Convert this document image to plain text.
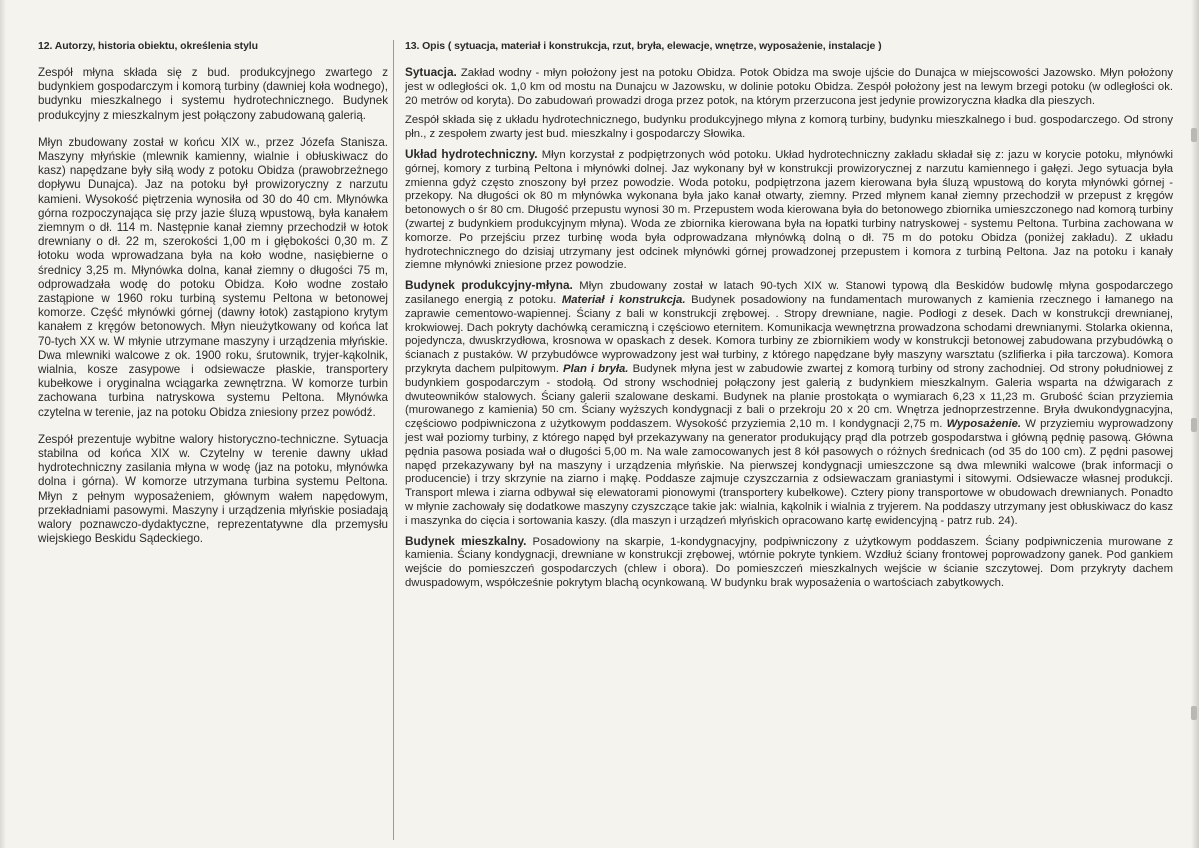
12. Autorzy, historia obiektu, określenia stylu

Zespół młyna składa się z bud. produkcyjnego zwartego z budynkiem gospodarczym i komorą turbiny (dawniej koła wodnego), budynku mieszkalnego i systemu hydrotechnicznego. Budynek produkcyjny z mieszkalnym jest połączony zabudowaną galerią.

Młyn zbudowany został w końcu XIX w., przez Józefa Stanisza. Maszyny młyńskie (mlewnik kamienny, wialnie i obłuskiwacz do kasz) napędzane były siłą wody z potoku Obidza (prawobrzeżnego dopływu Dunajca). Jaz na potoku był prowizoryczny z narzutu kamieni. Wysokość piętrzenia wynosiła od 30 do 40 cm. Młynówka górna rozpoczynająca się przy jazie śluzą wpustową, była kanałem ziemnym o dł. 114 m. Następnie kanał ziemny przechodził w łotok drewniany o dł. 22 m, szerokości 1,00 m i głębokości 0,30 m. Z łotoku woda wprowadzana była na koło wodne, nasiębierne o średnicy 3,25 m. Młynówka dolna, kanał ziemny o długości 75 m, odprowadzała wodę do potoku Obidza. Koło wodne zostało zastąpione w 1960 roku turbiną systemu Peltona w betonowej komorze. Część młynówki górnej (dawny łotok) zastąpiono krytym kanałem z kręgów betonowych. Młyn nieużytkowany od końca lat 70-tych XX w. W młynie utrzymane maszyny i urządzenia młyńskie. Dwa mlewniki walcowe z ok. 1900 roku, śrutownik, tryjer-kąkolnik, wialnia, kosze zasypowe i odsiewacze płaskie, transportery kubełkowe i oryginalna wciągarka zewnętrzna. W komorze turbin zachowana turbina natryskowa systemu Peltona. Młynówka czytelna w terenie, jaz na potoku Obidza zniesiony przez powódź.

Zespół prezentuje wybitne walory historyczno-techniczne. Sytuacja stabilna od końca XIX w. Czytelny w terenie dawny układ hydrotechniczny zasilania młyna w wodę (jaz na potoku, młynówka dolna i górna). W komorze utrzymana turbina systemu Peltona. Młyn z pełnym wyposażeniem, głównym wałem napędowym, przekładniami pasowymi. Maszyny i urządzenia młyńskie posiadają walory poznawczo-dydaktyczne, reprezentatywne dla przemysłu wiejskiego Beskidu Sądeckiego.

13. Opis ( sytuacja, materiał i konstrukcja, rzut, bryła, elewacje, wnętrze, wyposażenie, instalacje )

Sytuacja. Zakład wodny - młyn położony jest na potoku Obidza. Potok Obidza ma swoje ujście do Dunajca w miejscowości Jazowsko. Młyn położony jest w odległości ok. 1,0 km od mostu na Dunajcu w Jazowsku, w dolinie potoku Obidza. Zespół położony jest na lewym brzegi potoku (w odległości ok. 20 metrów od koryta). Do zabudowań prowadzi droga przez potok, na którym przerzucona jest jedynie prowizoryczna kładka dla pieszych.

Zespół składa się z układu hydrotechnicznego, budynku produkcyjnego młyna z komorą turbiny, budynku mieszkalnego i bud. gospodarczego. Od strony płn., z zespołem zwarty jest bud. mieszkalny i gospodarczy Słowika.

Układ hydrotechniczny. Młyn korzystał z podpiętrzonych wód potoku. Układ hydrotechniczny zakładu składał się z: jazu w korycie potoku, młynówki górnej, komory z turbiną Peltona i młynówki dolnej. Jaz wykonany był w konstrukcji prowizorycznej z narzutu kamiennego i gałęzi. Jego sytuacja była zmienna gdyż często znoszony był przez powodzie. Woda potoku, podpiętrzona jazem kierowana była śluzą wpustową do koryta młynówki górnej - przekopy. Na długości ok 80 m młynówka wykonana była jako kanał otwarty, ziemny. Przed młynem kanał ziemny przechodził w przepust z kręgów betonowych o śr 80 cm. Długość przepustu wynosi 30 m. Przepustem woda kierowana była do betonowego zbiornika umieszczonego nad komorą turbiny (zwartej z budynkiem produkcyjnym młyna). Woda ze zbiornika kierowana była na łopatki turbiny natryskowej - systemu Peltona. Turbina zachowana w komorze. Po przejściu przez turbinę woda była odprowadzana młynówką dolną o dł. 75 m do potoku Obidza (poniżej zakładu). Z układu hydrotechnicznego do dzisiaj utrzymany jest odcinek młynówki górnej prowadzonej przepustem i komora z turbiną Peltona. Jaz na potoku i kanały ziemne młynówki zniesione przez powodzie.

Budynek produkcyjny-młyna. Młyn zbudowany został w latach 90-tych XIX w. Stanowi typową dla Beskidów budowlę młyna gospodarczego zasilanego energią z potoku. Materiał i konstrukcja. Budynek posadowiony na fundamentach murowanych z kamienia rzecznego i łamanego na zaprawie cementowo-wapiennej. Ściany z bali w konstrukcji zrębowej. . Stropy drewniane, nagie. Podłogi z desek. Dach w konstrukcji drewnianej, krokwiowej. Dach pokryty dachówką ceramiczną i częściowo eternitem. Komunikacja wewnętrzna prowadzona schodami drewnianymi. Stolarka okienna, pojedyncza, dwuskrzydłowa, krosnowa w opaskach z desek. Komora turbiny ze zbiornikiem wody w konstrukcji betonowej zabudowana przybudówką o ścianach z pustaków. W przybudówce wyprowadzony jest wał turbiny, z którego napędzane były maszyny warsztatu (szlifierka i piła tarczowa). Komora przykryta dachem pulpitowym. Plan i bryła. Budynek młyna jest w zabudowie zwartej z komorą turbiny od strony zachodniej. Od strony południowej z budynkiem gospodarczym - stodołą. Od strony wschodniej połączony jest galerią z budynkiem mieszkalnym. Galeria wsparta na dźwigarach z dwuteowników stalowych. Ściany galerii szalowane deskami. Budynek na planie prostokąta o wymiarach 6,23 x 11,23 m. Grubość ścian przyziemia (murowanego z kamienia) 50 cm. Ściany wyższych kondygnacji z bali o przekroju 20 x 20 cm. Wnętrza jednoprzestrzenne. Bryła dwukondygnacyjna, częściowo podpiwniczona z użytkowym poddaszem. Wysokość przyziemia 2,10 m. I kondygnacji 2,75 m. Wyposażenie. W przyziemiu wyprowadzony jest wał poziomy turbiny, z którego napęd był przekazywany na generator produkujący prąd dla potrzeb gospodarstwa i główną pędnię pasową. Główna pędnia pasowa posiada wał o długości 5,00 m. Na wale zamocowanych jest 8 kół pasowych o różnych średnicach (od 35 do 100 cm). Z pędni pasowej napęd przekazywany był na maszyny i urządzenia młyńskie. Na pierwszej kondygnacji umieszczone są dwa mlewniki walcowe (brak informacji o producencie) i trzy skrzynie na ziarno i mąkę. Poddasze zajmuje czyszczarnia z odsiewaczam graniastymi i sitowymi. Odsiewacze własnej produkcji. Transport mlewa i ziarna odbywał się elewatorami pionowymi (transportery kubełkowe). Cztery piony transportowe w obudowach drewnianych. Ponadto w młynie zachowały się dodatkowe maszyny czyszczące takie jak: wialnia, kąkolnik i wialnia z tryjerem. Na poddaszy utrzymany jest obłuskiwacz do kasz i maszynka do cięcia i sortowania kaszy. (dla maszyn i urządzeń młyńskich opracowano kartę ewidencyjną - patrz rub. 24).

Budynek mieszkalny. Posadowiony na skarpie, 1-kondygnacyjny, podpiwniczony z użytkowym poddaszem. Ściany podpiwniczenia murowane z kamienia. Ściany kondygnacji, drewniane w konstrukcji zrębowej, wtórnie pokryte tynkiem. Wzdłuż ściany frontowej poprowadzony ganek. Pod gankiem wejście do pomieszczeń gospodarczych (chlew i obora). Do pomieszczeń mieszkalnych wejście w ścianie szczytowej. Dom przykryty dachem dwuspadowym, współcześnie pokrytym blachą ocynkowaną. W budynku brak wyposażenia o wartościach zabytkowych.
